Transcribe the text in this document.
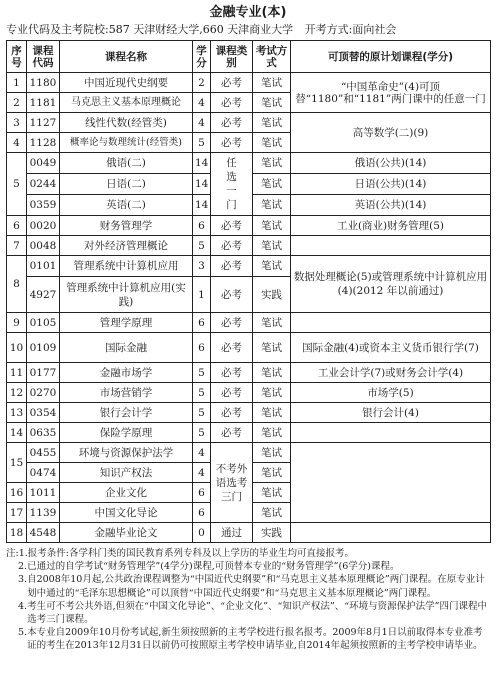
金融专业(本)
专业代码及主考院校:587 天津财经大学,660 天津商业大学 开考方式:面向社会
序号	课程代码	课程名称	学分	课程类别	考试方式	可顶替的原计划课程(学分)
1	1180	中国近现代史纲要	2	必考	笔试	“中国革命史”(4)可顶替“1180”和“1181”两门课中的任意一门
2	1181	马克思主义基本原理概论	4	必考	笔试	
3	1127	线性代数(经管类)	4	必考	笔试	高等数学(二)(9)
4	1128	概率论与数理统计(经管类)	5	必考	笔试	
5	0049	俄语(二)	14	任选一门	笔试	俄语(公共)(14)
	0244	日语(二)	14		笔试	日语(公共)(14)
	0359	英语(二)	14		笔试	英语(公共)(14)
6	0020	财务管理学	6	必考	笔试	工业(商业)财务管理(5)
7	0048	对外经济管理概论	5	必考	笔试	
8	0101	管理系统中计算机应用	3	必考	笔试	数据处理概论(5)或管理系统中计算机应用(4)(2012 年以前通过)
	4927	管理系统中计算机应用(实践)	1	必考	实践	
9	0105	管理学原理	6	必考	笔试	
10	0109	国际金融	6	必考	笔试	国际金融(4)或资本主义货币银行学(7)
11	0177	金融市场学	5	必考	笔试	工业会计学(7)或财务会计学(4)
12	0270	市场营销学	5	必考	笔试	市场学(5)
13	0354	银行会计学	5	必考	笔试	银行会计(4)
14	0635	保险学原理	5	必考	笔试	
15	0455	环境与资源保护法学	4	不考外语选考三门	笔试	
	0474	知识产权法	4		笔试	
16	1011	企业文化	6		笔试	
17	1139	中国文化导论	6		笔试	
18	4548	金融毕业论文	0	通过	实践	
注: 1. 报考条件:各学科门类的国民教育系列专科及以上学历的毕业生均可直接报考。
2. 已通过的自学考试“财务管理学”(4学分)课程,可顶替本专业的“财务管理学”(6学分)课程。
3. 自2008年10月起,公共政治课程调整为“中国近代史纲要”和“马克思主义基本原理概论”两门课程。在原专业计划中通过的“毛泽东思想概论”可以顶替“中国近代史纲要”和“马克思主义基本原理概论”两门课程。
4. 考生可不考公共外语,但须在“中国文化导论”、“企业文化”、“知识产权法”、“环境与资源保护法学”四门课程中选考三门课程。
5. 本专业自2009年10月份考试起,新生须按照新的主考学校进行报名报考。2009年8月1日以前取得本专业准考证的考生在2013年12月31日以前仍可按照原主考学校申请毕业,自2014年起须按照新的主考学校申请毕业。
